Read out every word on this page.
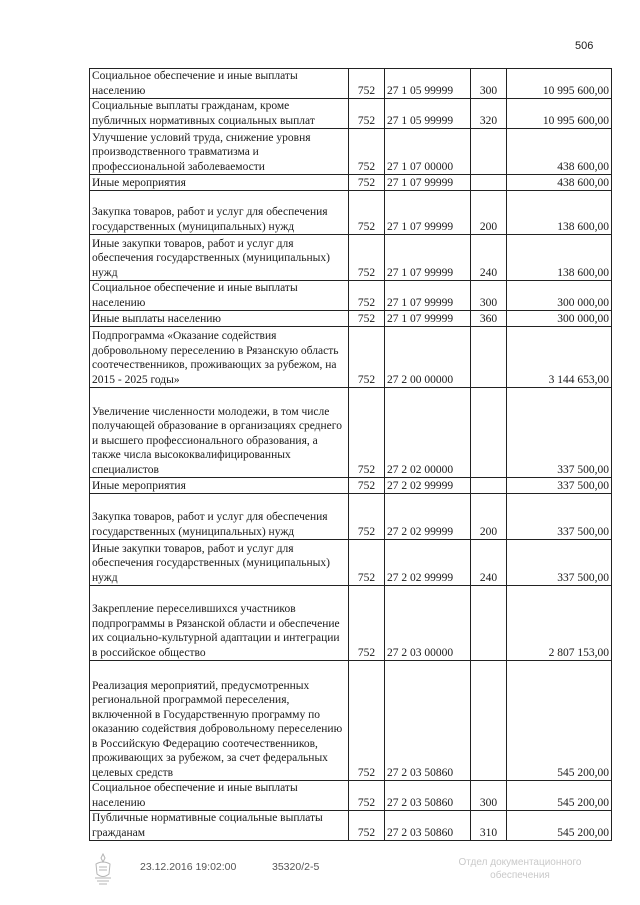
506
Социальное обеспечение и иные выплаты населению	752	27 1 05 99999	300	10 995 600,00
Социальные выплаты гражданам, кроме публичных нормативных социальных выплат	752	27 1 05 99999	320	10 995 600,00
Улучшение условий труда, снижение уровня производственного травматизма и профессиональной заболеваемости	752	27 1 07 00000		438 600,00
Иные мероприятия	752	27 1 07 99999		438 600,00
Закупка товаров, работ и услуг для обеспечения государственных (муниципальных) нужд	752	27 1 07 99999	200	138 600,00
Иные закупки товаров, работ и услуг для обеспечения государственных (муниципальных) нужд	752	27 1 07 99999	240	138 600,00
Социальное обеспечение и иные выплаты населению	752	27 1 07 99999	300	300 000,00
Иные выплаты населению	752	27 1 07 99999	360	300 000,00
Подпрограмма «Оказание содействия добровольному переселению в Рязанскую область соотечественников, проживающих за рубежом, на 2015 - 2025 годы»	752	27 2 00 00000		3 144 653,00
Увеличение численности молодежи, в том числе получающей образование в организациях среднего и высшего профессионального образования, а также числа высококвалифицированных специалистов	752	27 2 02 00000		337 500,00
Иные мероприятия	752	27 2 02 99999		337 500,00
Закупка товаров, работ и услуг для обеспечения государственных (муниципальных) нужд	752	27 2 02 99999	200	337 500,00
Иные закупки товаров, работ и услуг для обеспечения государственных (муниципальных) нужд	752	27 2 02 99999	240	337 500,00
Закрепление переселившихся участников подпрограммы в Рязанской области и обеспечение их социально-культурной адаптации и интеграции в российское общество	752	27 2 03 00000		2 807 153,00
Реализация мероприятий, предусмотренных региональной программой переселения, включенной в Государственную программу по оказанию содействия добровольному переселению в Российскую Федерацию соотечественников, проживающих за рубежом, за счет федеральных целевых средств	752	27 2 03 50860		545 200,00
Социальное обеспечение и иные выплаты населению	752	27 2 03 50860	300	545 200,00
Публичные нормативные социальные выплаты гражданам	752	27 2 03 50860	310	545 200,00
23.12.2016 19:02:00	35320/2-5	Отдел документационного обеспечения
